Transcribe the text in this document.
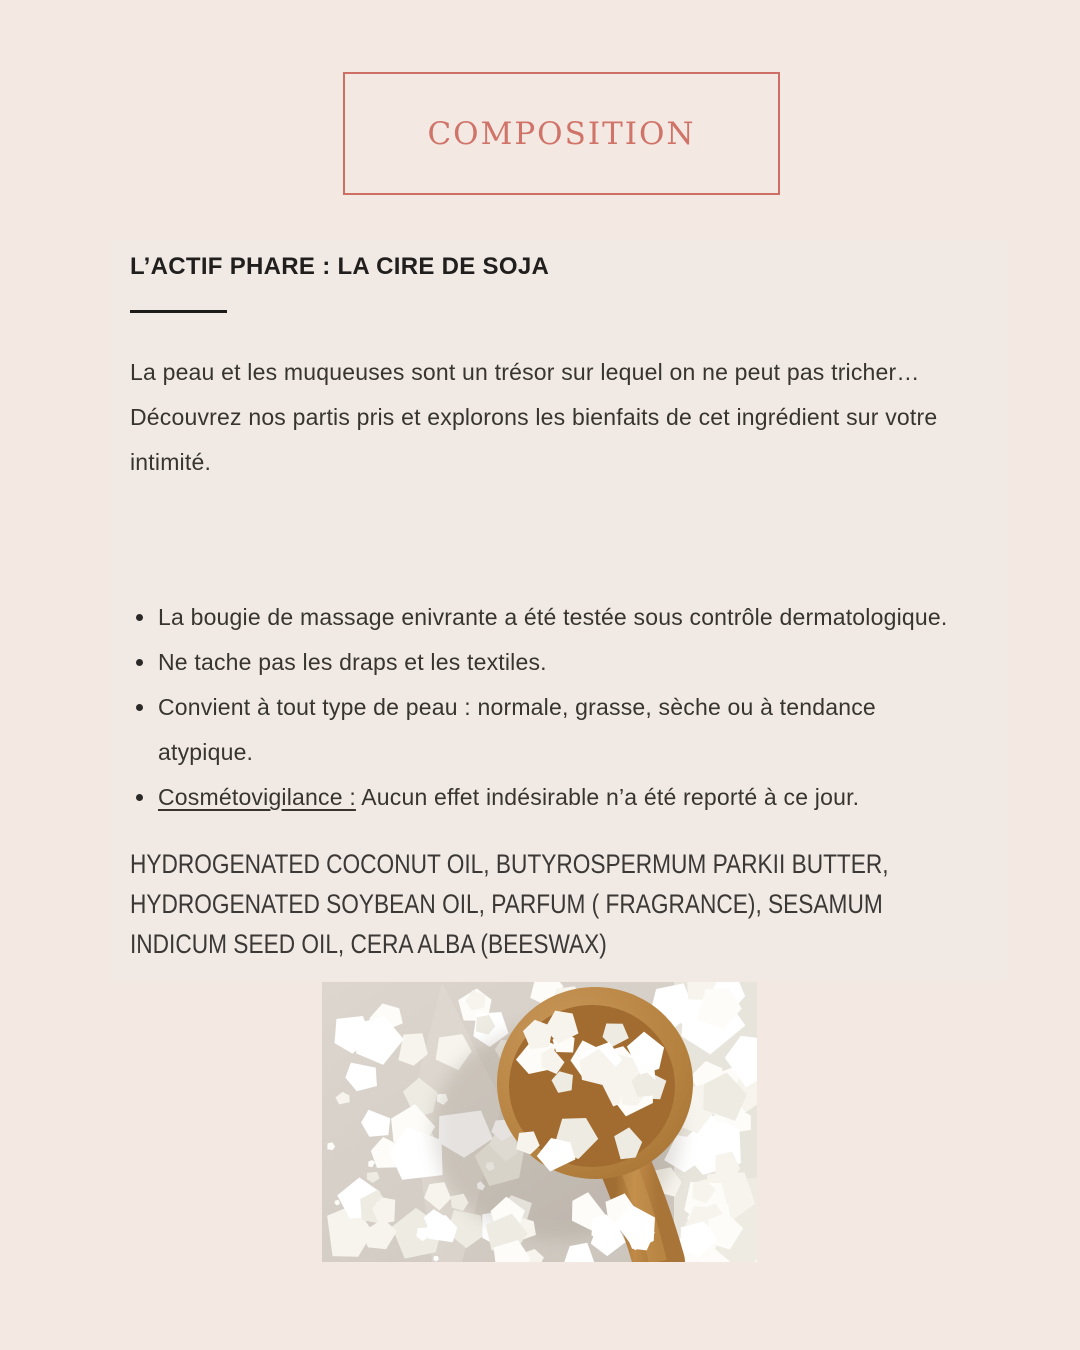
COMPOSITION
L’ACTIF PHARE : LA CIRE DE SOJA
La peau et les muqueuses sont un trésor sur lequel on ne peut pas tricher…
Découvrez nos partis pris et explorons les bienfaits de cet ingrédient sur votre
intimité.
La bougie de massage enivrante a été testée sous contrôle dermatologique.
Ne tache pas les draps et les textiles.
Convient à tout type de peau : normale, grasse, sèche ou à tendance
atypique.
Cosmétovigilance : Aucun effet indésirable n’a été reporté à ce jour.
HYDROGENATED COCONUT OIL, BUTYROSPERMUM PARKII BUTTER,
HYDROGENATED SOYBEAN OIL, PARFUM ( FRAGRANCE), SESAMUM
INDICUM SEED OIL, CERA ALBA (BEESWAX)
